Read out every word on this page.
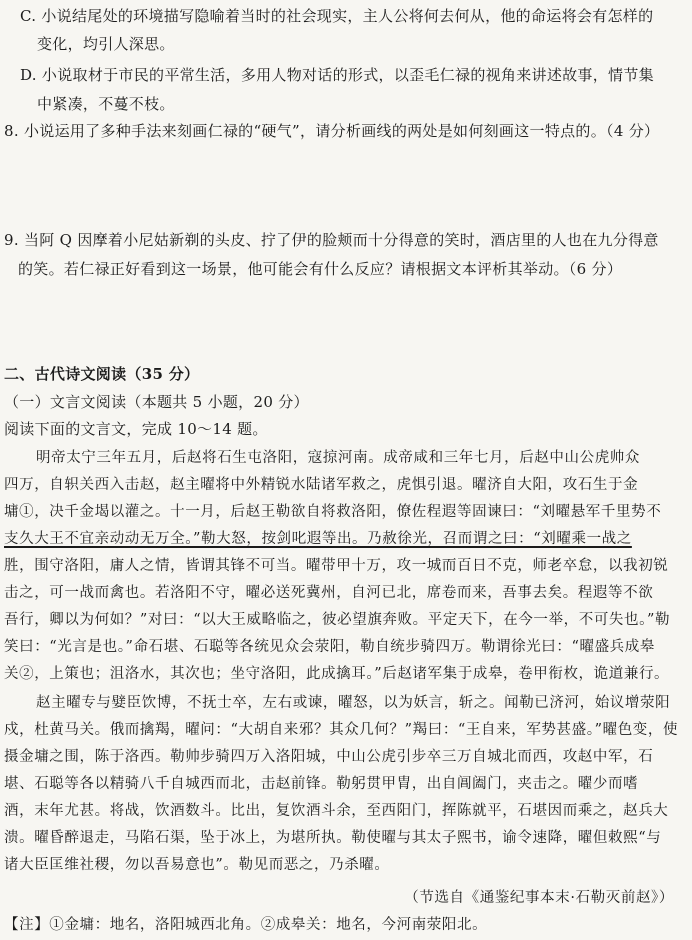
C. 小说结尾处的环境描写隐喻着当时的社会现实，主人公将何去何从，他的命运将会有怎样的
变化，均引人深思。
D. 小说取材于市民的平常生活，多用人物对话的形式，以歪毛仁禄的视角来讲述故事，情节集
中紧凑，不蔓不枝。
8. 小说运用了多种手法来刻画仁禄的“硬气”，请分析画线的两处是如何刻画这一特点的。（4 分）
9. 当阿 Q 因摩着小尼姑新剃的头皮、拧了伊的脸颊而十分得意的笑时，酒店里的人也在九分得意
的笑。若仁禄正好看到这一场景，他可能会有什么反应？请根据文本评析其举动。（6 分）
二、古代诗文阅读（35 分）
（一）文言文阅读（本题共 5 小题，20 分）
阅读下面的文言文，完成 10～14 题。
明帝太宁三年五月，后赵将石生屯洛阳，寇掠河南。成帝咸和三年七月，后赵中山公虎帅众
四万，自轵关西入击赵，赵主曜将中外精锐水陆诸军救之，虎惧引退。曜济自大阳，攻石生于金
墉①，决千金堨以灌之。十一月，后赵王勒欲自将救洛阳，僚佐程遐等固谏曰：“刘曜悬军千里势不
支久大王不宜亲动动无万全。”勒大怒，按剑叱遐等出。乃赦徐光，召而谓之曰：“刘曜乘一战之
胜，围守洛阳，庸人之情，皆谓其锋不可当。曜带甲十万，攻一城而百日不克，师老卒怠，以我初锐
击之，可一战而禽也。若洛阳不守，曜必送死冀州，自河已北，席卷而来，吾事去矣。程遐等不欲
吾行，卿以为何如？”对曰：“以大王威略临之，彼必望旗奔败。平定天下，在今一举，不可失也。”勒
笑曰：“光言是也。”命石堪、石聪等各统见众会荥阳，勒自统步骑四万。勒谓徐光曰：“曜盛兵成皋
关②，上策也；沮洛水，其次也；坐守洛阳，此成擒耳。”后赵诸军集于成皋，卷甲衔枚，诡道兼行。
赵主曜专与嬖臣饮博，不抚士卒，左右或谏，曜怒，以为妖言，斩之。闻勒已济河，始议增荥阳
戍，杜黄马关。俄而擒羯，曜问：“大胡自来邪？其众几何？”羯曰：“王自来，军势甚盛。”曜色变，使
摄金墉之围，陈于洛西。勒帅步骑四万入洛阳城，中山公虎引步卒三万自城北而西，攻赵中军，石
堪、石聪等各以精骑八千自城西而北，击赵前锋。勒躬贯甲胄，出自阊阖门，夹击之。曜少而嗜
酒，末年尤甚。将战，饮酒数斗。比出，复饮酒斗余，至西阳门，挥陈就平，石堪因而乘之，赵兵大
溃。曜昏醉退走，马陷石渠，坠于冰上，为堪所执。勒使曜与其太子熙书，谕令速降，曜但敕熙“与
诸大臣匡维社稷，勿以吾易意也”。勒见而恶之，乃杀曜。
（节选自《通鉴纪事本末·石勒灭前赵》）
【注】①金墉：地名，洛阳城西北角。②成皋关：地名，今河南荥阳北。
